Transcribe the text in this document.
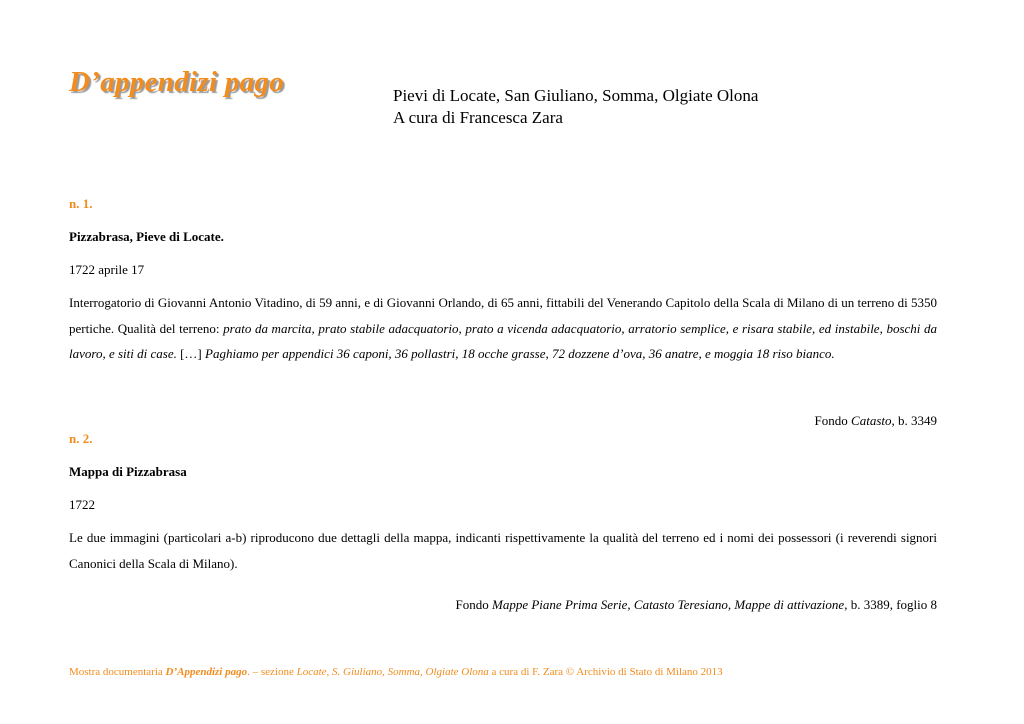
D’appendizi pago	Pievi di Locate, San Giuliano, Somma, Olgiate Olona
A cura di Francesca Zara
n. 1.
Pizzabrasa, Pieve di Locate.
1722 aprile 17
Interrogatorio di Giovanni Antonio Vitadino, di 59 anni, e di Giovanni Orlando, di 65 anni, fittabili del Venerando Capitolo della Scala di Milano di un terreno di 5350 pertiche. Qualità del terreno: prato da marcita, prato stabile adacquatorio, prato a vicenda adacquatorio, arratorio semplice, e risara stabile, ed instabile, boschi da lavoro, e siti di case. […] Paghiamo per appendici 36 caponi, 36 pollastri, 18 ocche grasse, 72 dozzene d’ova, 36 anatre, e moggia 18 riso bianco.
Fondo Catasto, b. 3349
n. 2.
Mappa di Pizzabrasa
1722
Le due immagini (particolari a-b) riproducono due dettagli della mappa, indicanti rispettivamente la qualità del terreno ed i nomi dei possessori (i reverendi signori Canonici della Scala di Milano).
Fondo Mappe Piane Prima Serie, Catasto Teresiano, Mappe di attivazione, b. 3389, foglio 8
Mostra documentaria D’Appendizi pago. – sezione Locate, S. Giuliano, Somma, Olgiate Olona a cura di F. Zara © Archivio di Stato di Milano 2013
